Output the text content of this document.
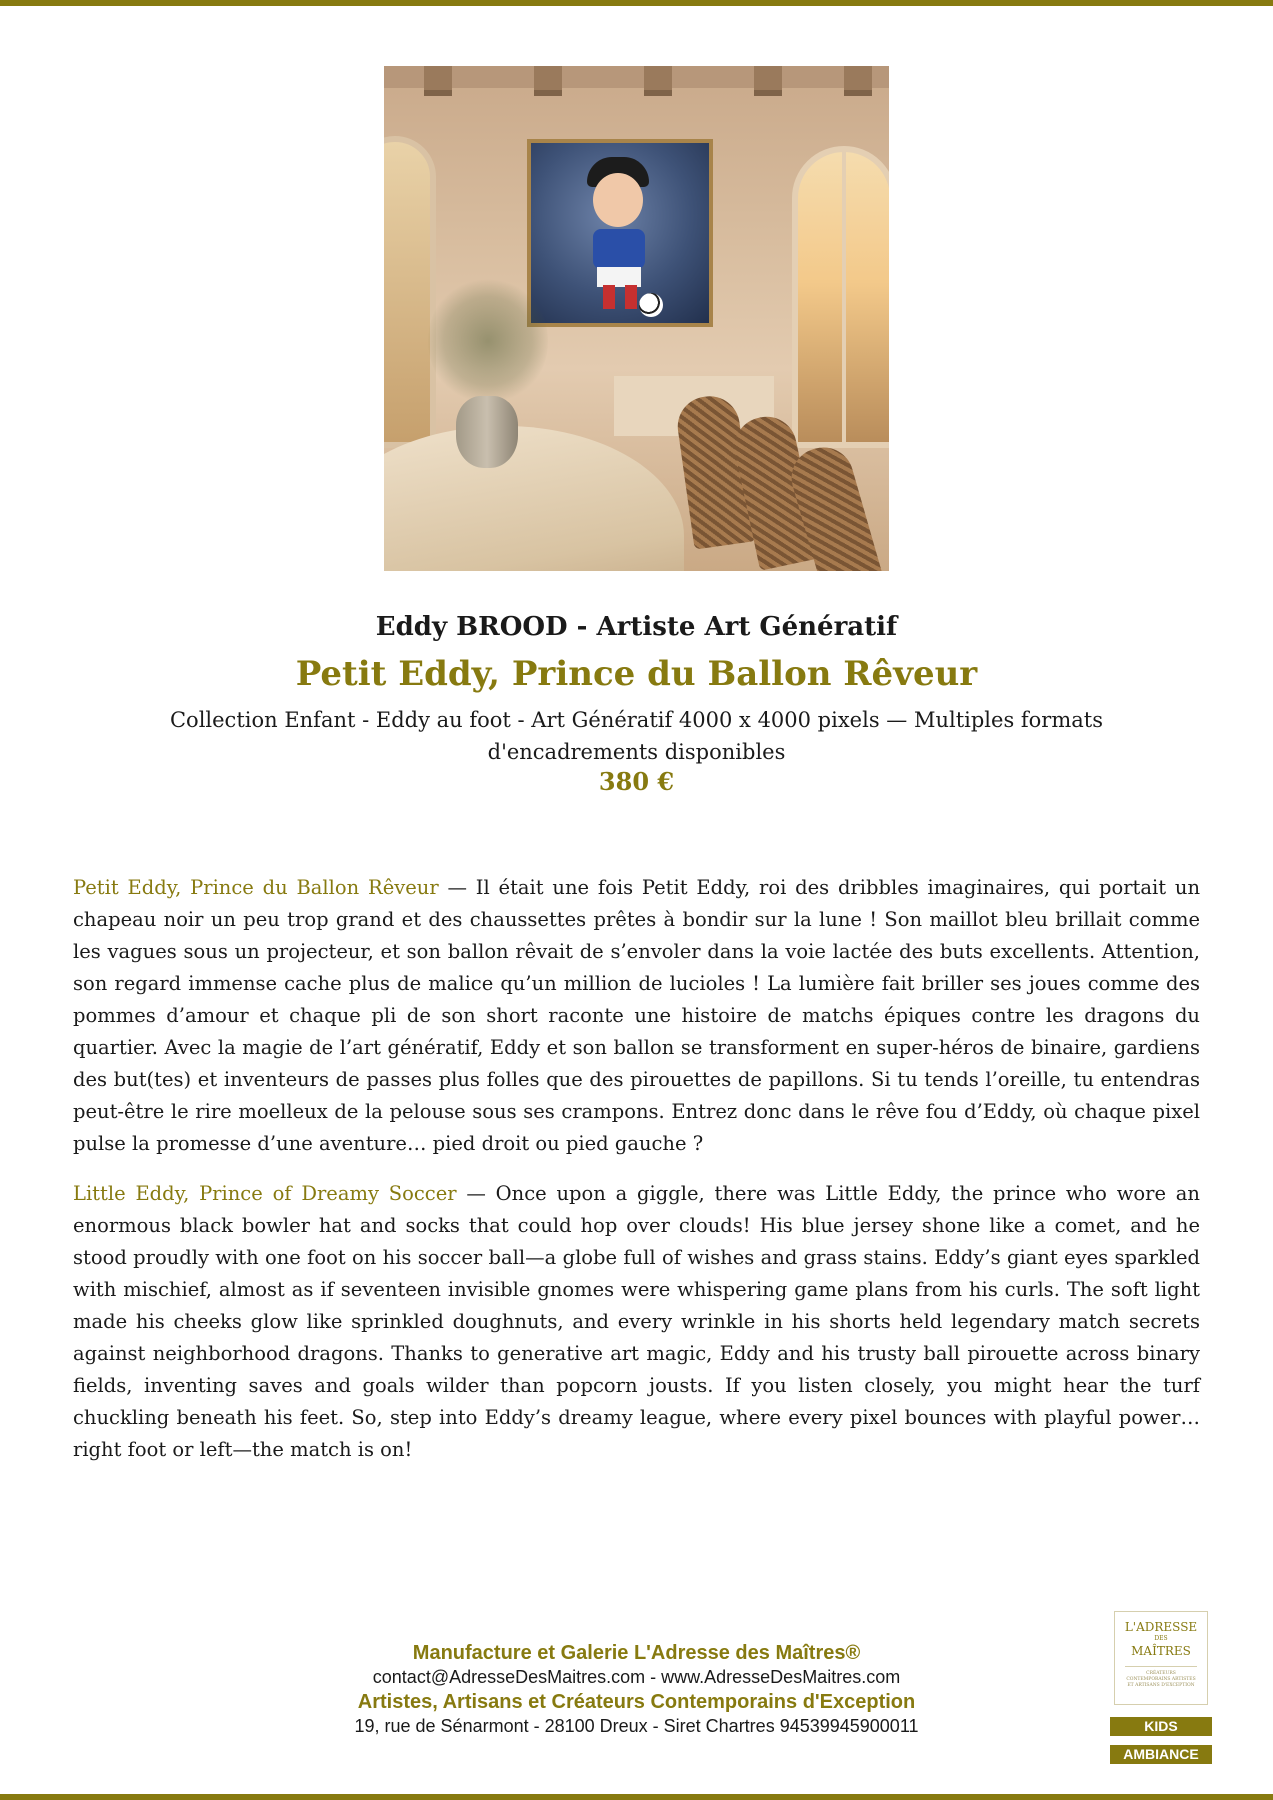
Eddy BROOD - Artiste Art Génératif
Petit Eddy, Prince du Ballon Rêveur
Collection Enfant - Eddy au foot - Art Génératif 4000 x 4000 pixels — Multiples formats d'encadrements disponibles
380 €

Petit Eddy, Prince du Ballon Rêveur — Il était une fois Petit Eddy, roi des dribbles imaginaires, qui portait un chapeau noir un peu trop grand et des chaussettes prêtes à bondir sur la lune ! Son maillot bleu brillait comme les vagues sous un projecteur, et son ballon rêvait de s’envoler dans la voie lactée des buts excellents. Attention, son regard immense cache plus de malice qu’un million de lucioles ! La lumière fait briller ses joues comme des pommes d’amour et chaque pli de son short raconte une histoire de matchs épiques contre les dragons du quartier. Avec la magie de l’art génératif, Eddy et son ballon se transforment en super-héros de binaire, gardiens des but(tes) et inventeurs de passes plus folles que des pirouettes de papillons. Si tu tends l’oreille, tu entendras peut-être le rire moelleux de la pelouse sous ses crampons. Entrez donc dans le rêve fou d’Eddy, où chaque pixel pulse la promesse d’une aventure… pied droit ou pied gauche ?

Little Eddy, Prince of Dreamy Soccer — Once upon a giggle, there was Little Eddy, the prince who wore an enormous black bowler hat and socks that could hop over clouds! His blue jersey shone like a comet, and he stood proudly with one foot on his soccer ball—a globe full of wishes and grass stains. Eddy’s giant eyes sparkled with mischief, almost as if seventeen invisible gnomes were whispering game plans from his curls. The soft light made his cheeks glow like sprinkled doughnuts, and every wrinkle in his shorts held legendary match secrets against neighborhood dragons. Thanks to generative art magic, Eddy and his trusty ball pirouette across binary fields, inventing saves and goals wilder than popcorn jousts. If you listen closely, you might hear the turf chuckling beneath his feet. So, step into Eddy’s dreamy league, where every pixel bounces with playful power… right foot or left—the match is on!

Manufacture et Galerie L'Adresse des Maîtres®
contact@AdresseDesMaitres.com - www.AdresseDesMaitres.com
Artistes, Artisans et Créateurs Contemporains d'Exception
19, rue de Sénarmont - 28100 Dreux - Siret Chartres 94539945900011
L'ADRESSE
DES
MAÎTRES
CRÉATEURS CONTEMPORAINS ARTISTES ET ARTISANS D'EXCEPTION
KIDS
AMBIANCE
